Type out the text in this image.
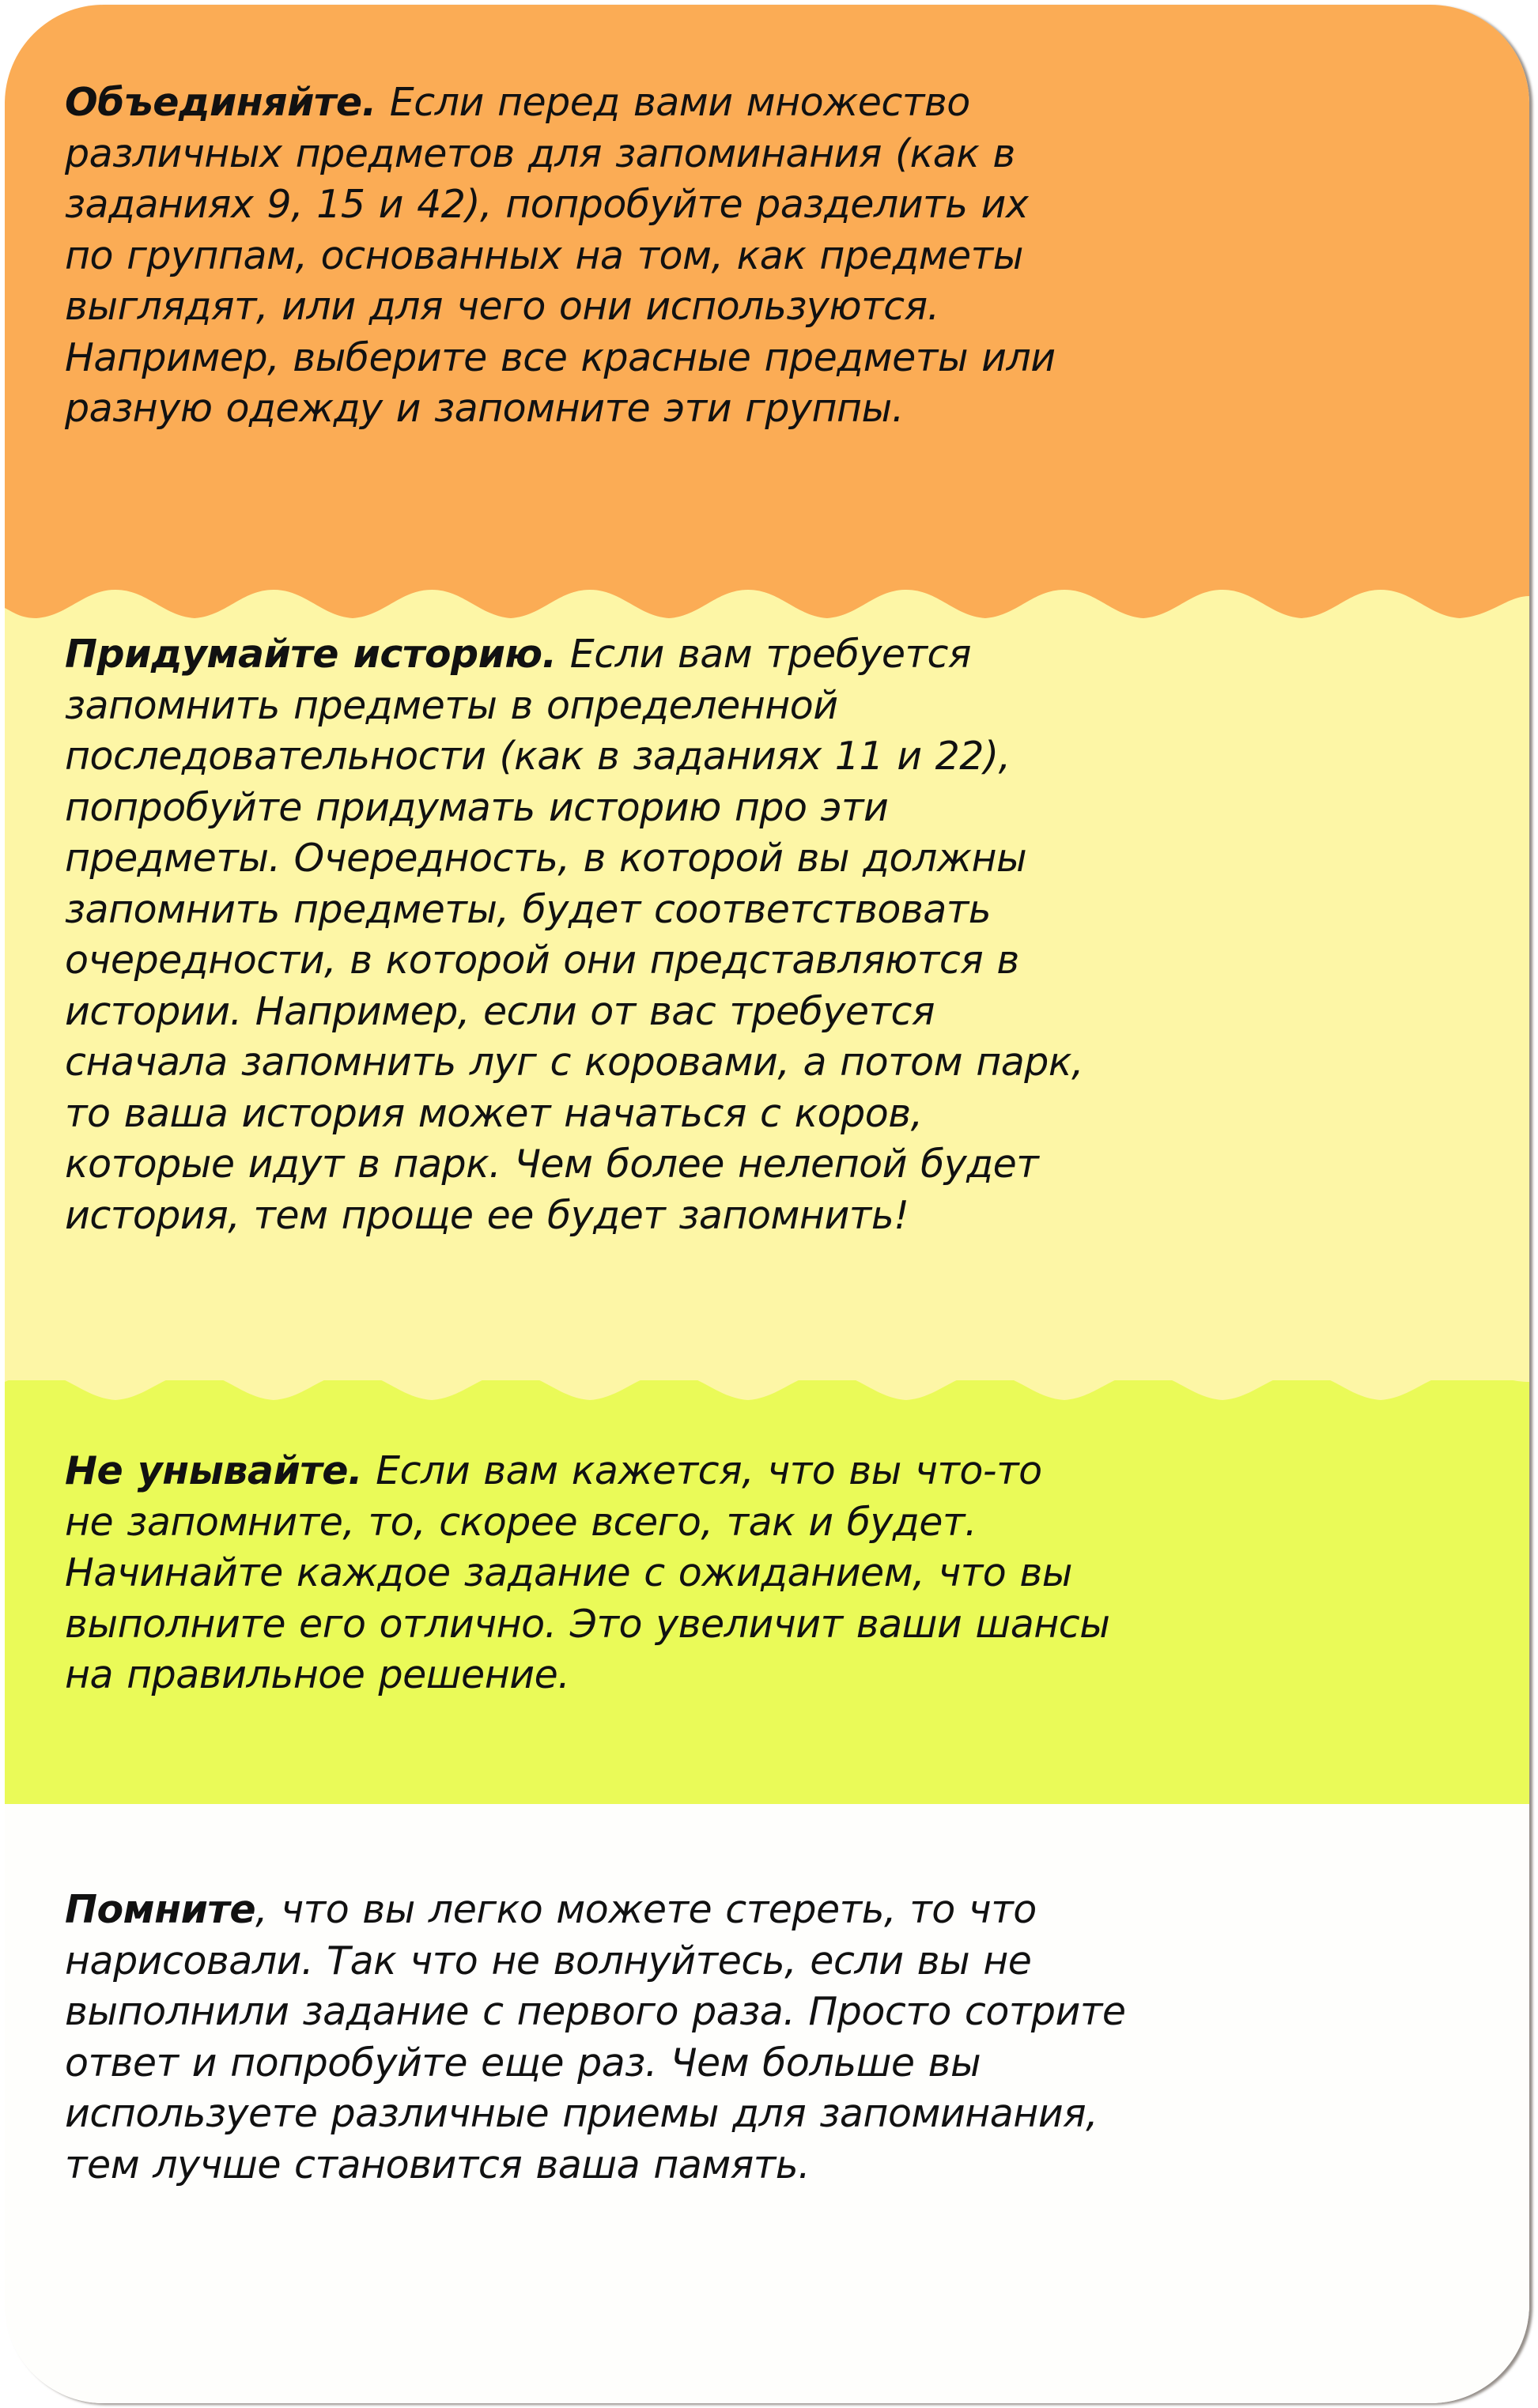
Объединяйте. Если перед вами множество
различных предметов для запоминания (как в
заданиях 9, 15 и 42), попробуйте разделить их
по группам, основанных на том, как предметы
выглядят, или для чего они используются.
Например, выберите все красные предметы или
разную одежду и запомните эти группы.

Придумайте историю. Если вам требуется
запомнить предметы в определенной
последовательности (как в заданиях 11 и 22),
попробуйте придумать историю про эти
предметы. Очередность, в которой вы должны
запомнить предметы, будет соответствовать
очередности, в которой они представляются в
истории. Например, если от вас требуется
сначала запомнить луг с коровами, а потом парк,
то ваша история может начаться с коров,
которые идут в парк. Чем более нелепой будет
история, тем проще ее будет запомнить!

Не унывайте. Если вам кажется, что вы что-то
не запомните, то, скорее всего, так и будет.
Начинайте каждое задание с ожиданием, что вы
выполните его отлично. Это увеличит ваши шансы
на правильное решение.

Помните, что вы легко можете стереть, то что
нарисовали. Так что не волнуйтесь, если вы не
выполнили задание с первого раза. Просто сотрите
ответ и попробуйте еще раз. Чем больше вы
используете различные приемы для запоминания,
тем лучше становится ваша память.
